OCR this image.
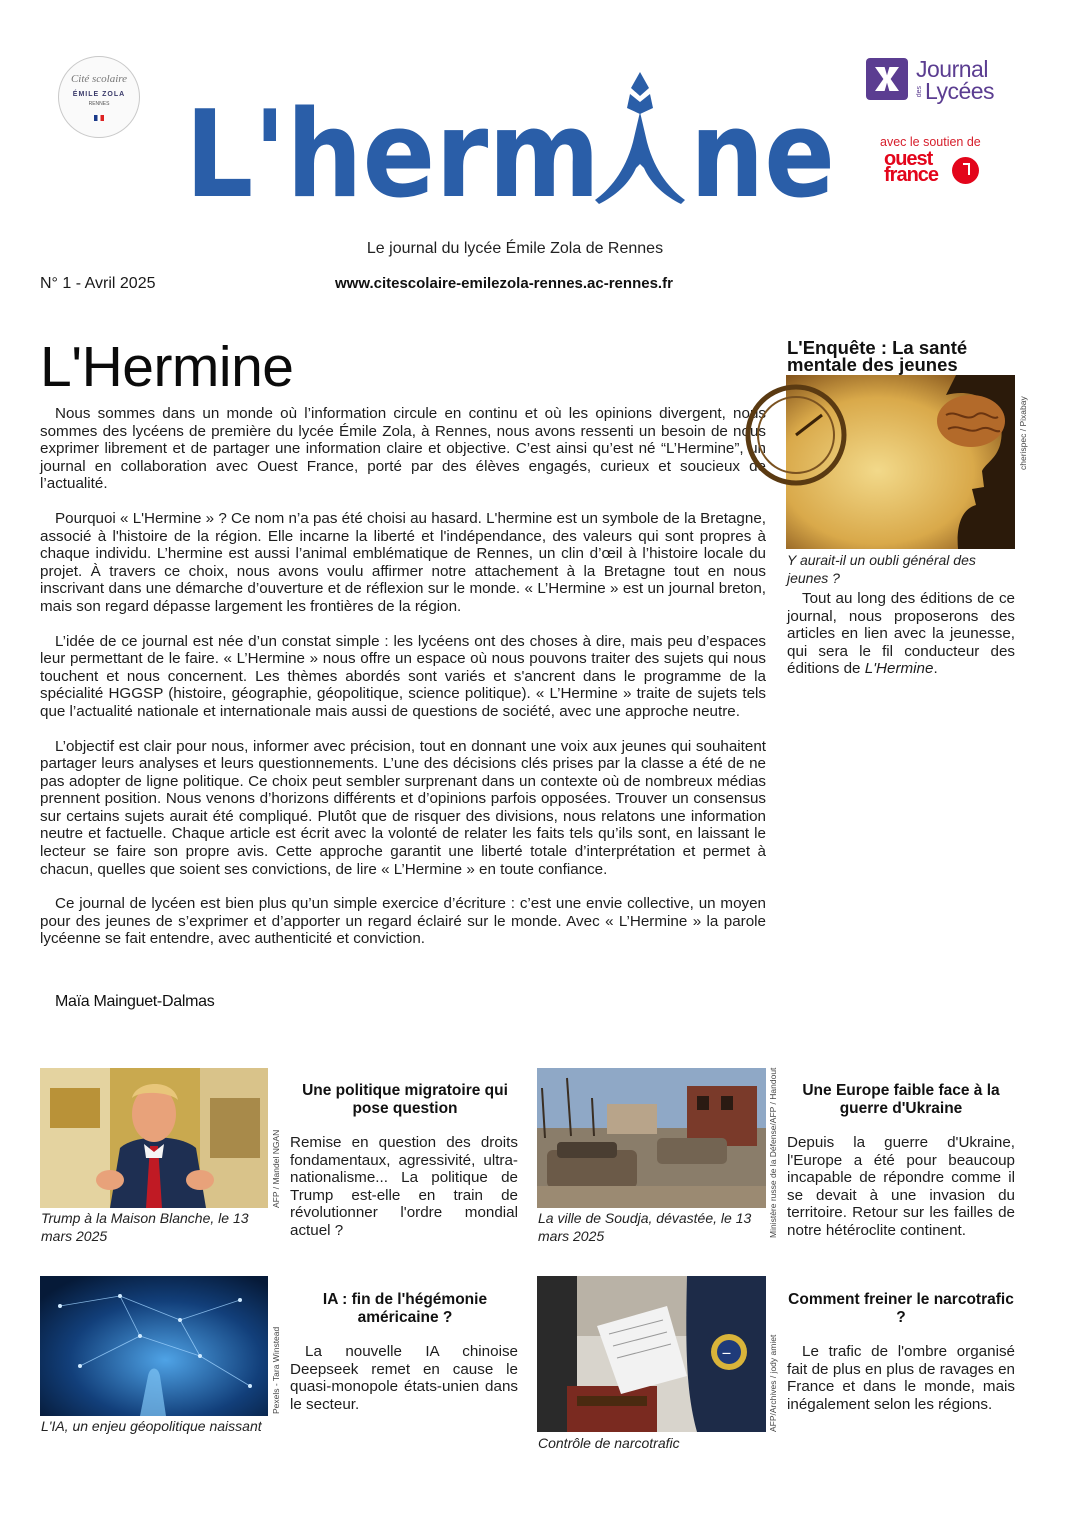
Cité scolaire
ÉMILE ZOLA
RENNES L'herm ne
Journal
des Lycées
avec le soutien de
ouest
france
Le journal du lycée Émile Zola de Rennes
N° 1 - Avril 2025	www.citescolaire-emilezola-rennes.ac-rennes.fr
L'Hermine

Nous sommes dans un monde où l’information circule en continu et où les opinions divergent, nous sommes des lycéens de première du lycée Émile Zola, à Rennes, nous avons ressenti un besoin de nous exprimer librement et de partager une information claire et objective. C’est ainsi qu’est né “L’Hermine”, un journal en collaboration avec Ouest France, porté par des élèves engagés, curieux et soucieux de l’actualité.

Pourquoi « L'Hermine » ? Ce nom n’a pas été choisi au hasard. L'hermine est un symbole de la Bretagne, associé à l'histoire de la région. Elle incarne la liberté et l'indépendance, des valeurs qui sont propres à chaque individu. L’hermine est aussi l’animal emblématique de Rennes, un clin d’œil à l’histoire locale du projet. À travers ce choix, nous avons voulu affirmer notre attachement à la Bretagne tout en nous inscrivant dans une démarche d’ouverture et de réflexion sur le monde. « L’Hermine » est un journal breton, mais son regard dépasse largement les frontières de la région.

L’idée de ce journal est née d’un constat simple : les lycéens ont des choses à dire, mais peu d’espaces leur permettant de le faire. « L’Hermine » nous offre un espace où nous pouvons traiter des sujets qui nous touchent et nous concernent. Les thèmes abordés sont variés et s'ancrent dans le programme de la spécialité HGGSP (histoire, géographie, géopolitique, science politique). « L’Hermine » traite de sujets tels que l’actualité nationale et internationale mais aussi de questions de société, avec une approche neutre.

L’objectif est clair pour nous, informer avec précision, tout en donnant une voix aux jeunes qui souhaitent partager leurs analyses et leurs questionnements. L’une des décisions clés prises par la classe a été de ne pas adopter de ligne politique. Ce choix peut sembler surprenant dans un contexte où de nombreux médias prennent position. Nous venons d’horizons différents et d’opinions parfois opposées. Trouver un consensus sur certains sujets aurait été compliqué. Plutôt que de risquer des divisions, nous relatons une information neutre et factuelle. Chaque article est écrit avec la volonté de relater les faits tels qu’ils sont, en laissant le lecteur se faire son propre avis. Cette approche garantit une liberté totale d’interprétation et permet à chacun, quelles que soient ses convictions, de lire « L’Hermine » en toute confiance.

Ce journal de lycéen est bien plus qu’un simple exercice d’écriture : c’est une envie collective, un moyen pour des jeunes de s’exprimer et d’apporter un regard éclairé sur le monde. Avec « L’Hermine » la parole lycéenne se fait entendre, avec authenticité et conviction.

Maïa Mainguet-Dalmas
L'Enquête : La santé mentale des jeunes
cherispec / Pixabay
Y aurait-il un oubli général des jeunes ?
Tout au long des éditions de ce journal, nous proposerons des articles en lien avec la jeunesse, qui sera le fil conducteur des éditions de L'Hermine.
AFP / Mandel NGAN
Trump à la Maison Blanche, le 13 mars 2025
Une politique migratoire qui pose question
Remise en question des droits fondamentaux, agressivité, ultra-nationalisme... La politique de Trump est-elle en train de révolutionner l'ordre mondial actuel ?	Ministère russe de la Défense/AFP / Handout
La ville de Soudja, dévastée, le 13 mars 2025
Une Europe faible face à la guerre d'Ukraine
Depuis la guerre d'Ukraine, l'Europe a été pour beaucoup incapable de répondre comme il se devait à une invasion du territoire. Retour sur les failles de notre hétéroclite continent.
Pexels - Tara Winstead
L'IA, un enjeu géopolitique naissant
IA : fin de l'hégémonie américaine ?
La nouvelle IA chinoise Deepseek remet en cause le quasi-monopole états-unien dans le secteur.
—	AFP/Archives / jody amiet
Contrôle de narcotrafic
Comment freiner le narcotrafic ?
Le trafic de l'ombre organisé fait de plus en plus de ravages en France et dans le monde, mais inégalement selon les régions.
